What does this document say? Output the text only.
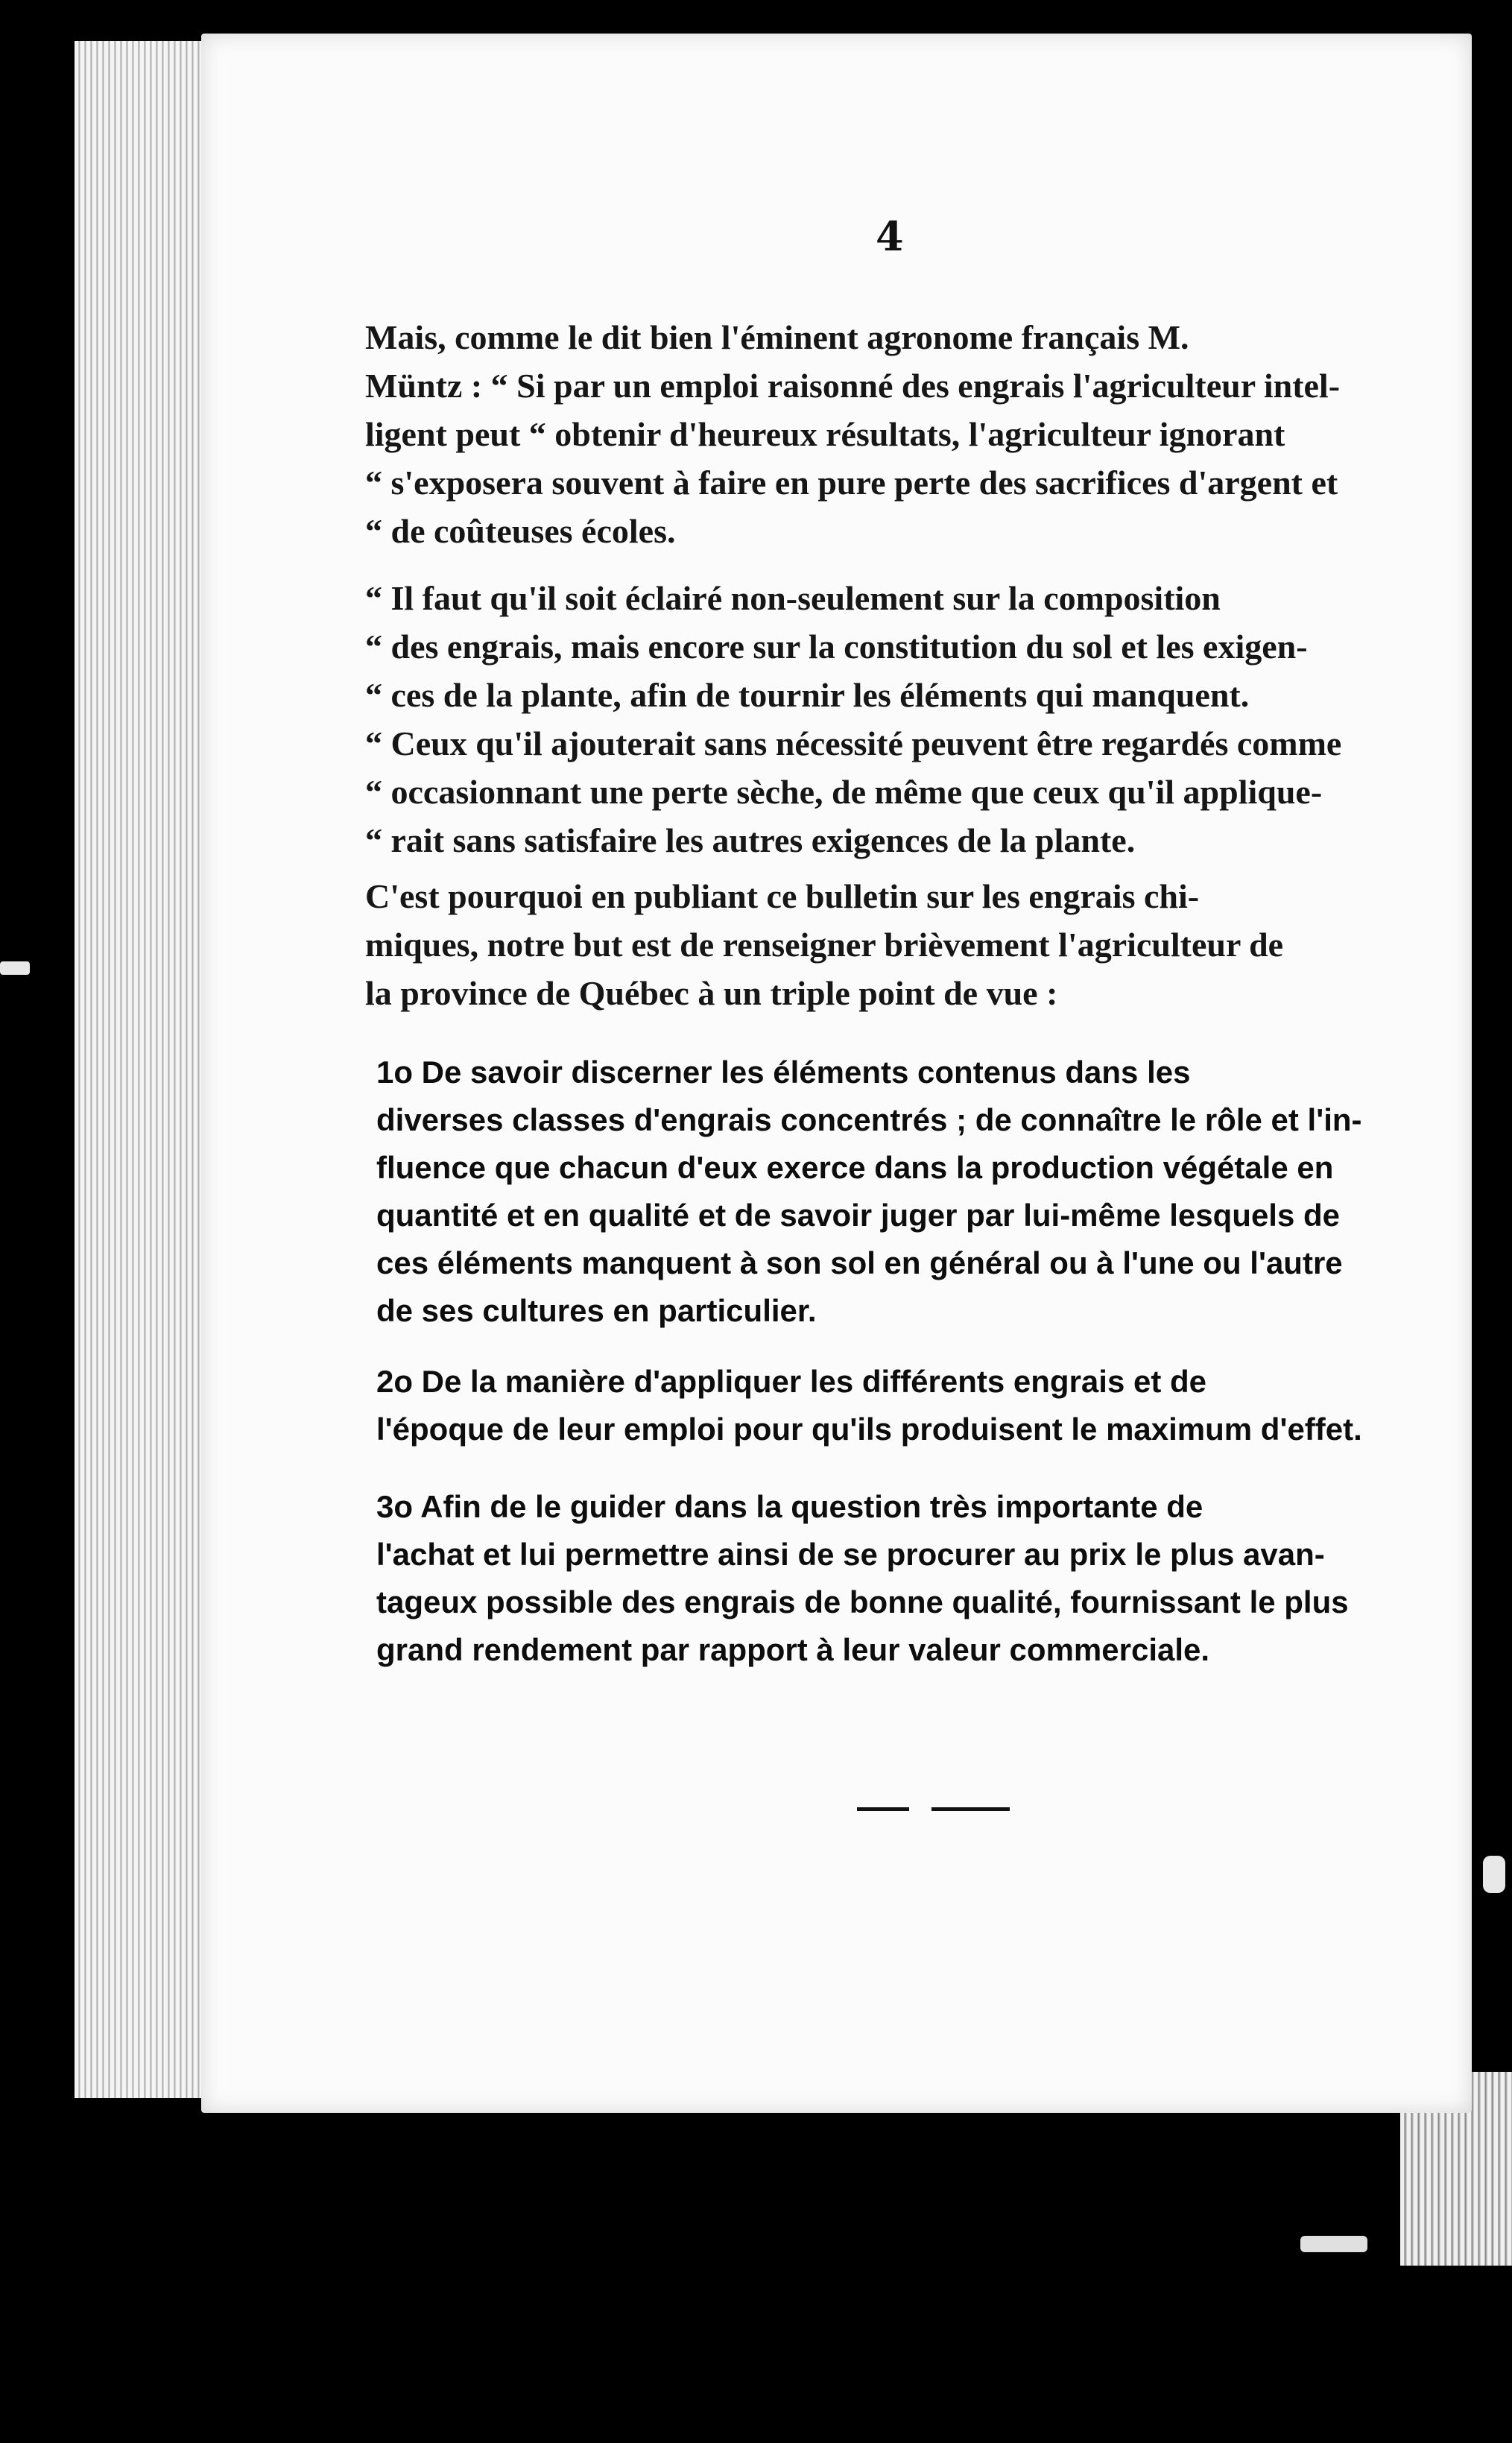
4

Mais, comme le dit bien l'éminent agronome français M.
Müntz : “ Si par un emploi raisonné des engrais l'agriculteur intel-
ligent peut “ obtenir d'heureux résultats, l'agriculteur ignorant
“ s'exposera souvent à faire en pure perte des sacrifices d'argent et
“ de coûteuses écoles.

“ Il faut qu'il soit éclairé non-seulement sur la composition
“ des engrais, mais encore sur la constitution du sol et les exigen-
“ ces de la plante, afin de tournir les éléments qui manquent.
“ Ceux qu'il ajouterait sans nécessité peuvent être regardés comme
“ occasionnant une perte sèche, de même que ceux qu'il applique-
“ rait sans satisfaire les autres exigences de la plante.

C'est pourquoi en publiant ce bulletin sur les engrais chi-
miques, notre but est de renseigner brièvement l'agriculteur de
la province de Québec à un triple point de vue :

1o De savoir discerner les éléments contenus dans les
diverses classes d'engrais concentrés ; de connaître le rôle et l'in-
fluence que chacun d'eux exerce dans la production végétale en
quantité et en qualité et de savoir juger par lui-même lesquels de
ces éléments manquent à son sol en général ou à l'une ou l'autre
de ses cultures en particulier.

2o De la manière d'appliquer les différents engrais et de
l'époque de leur emploi pour qu'ils produisent le maximum d'effet.

3o Afin de le guider dans la question très importante de
l'achat et lui permettre ainsi de se procurer au prix le plus avan-
tageux possible des engrais de bonne qualité, fournissant le plus
grand rendement par rapport à leur valeur commerciale.
